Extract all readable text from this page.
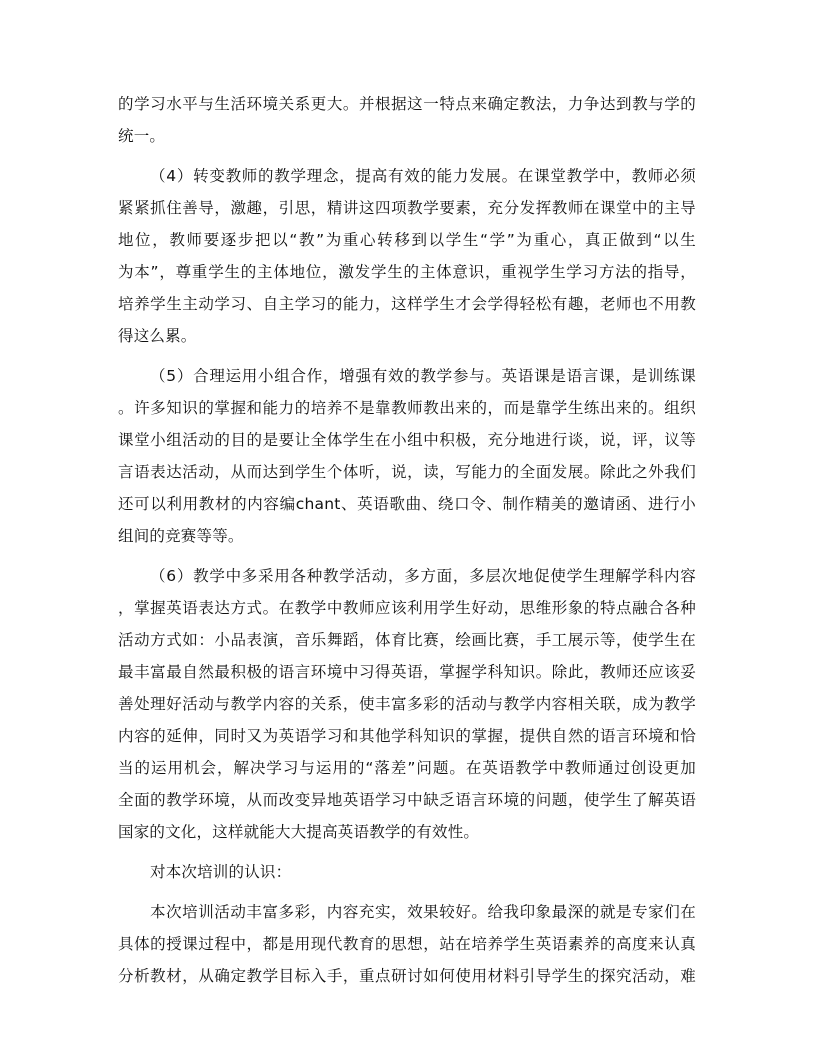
的学习水平与生活环境关系更大。并根据这一特点来确定教法，力争达到教与学的
统一。
（4）转变教师的教学理念，提高有效的能力发展。在课堂教学中，教师必须
紧紧抓住善导，激趣，引思，精讲这四项教学要素，充分发挥教师在课堂中的主导
地位，教师要逐步把以“教”为重心转移到以学生“学”为重心，真正做到“以生
为本”，尊重学生的主体地位，激发学生的主体意识，重视学生学习方法的指导，
培养学生主动学习、自主学习的能力，这样学生才会学得轻松有趣，老师也不用教
得这么累。
（5）合理运用小组合作，增强有效的教学参与。英语课是语言课，是训练课
。许多知识的掌握和能力的培养不是靠教师教出来的，而是靠学生练出来的。组织
课堂小组活动的目的是要让全体学生在小组中积极，充分地进行谈，说，评，议等
言语表达活动，从而达到学生个体听，说，读，写能力的全面发展。除此之外我们
还可以利用教材的内容编chant、英语歌曲、绕口令、制作精美的邀请函、进行小
组间的竞赛等等。
（6）教学中多采用各种教学活动，多方面，多层次地促使学生理解学科内容
，掌握英语表达方式。在教学中教师应该利用学生好动，思维形象的特点融合各种
活动方式如：小品表演，音乐舞蹈，体育比赛，绘画比赛，手工展示等，使学生在
最丰富最自然最积极的语言环境中习得英语，掌握学科知识。除此，教师还应该妥
善处理好活动与教学内容的关系，使丰富多彩的活动与教学内容相关联，成为教学
内容的延伸，同时又为英语学习和其他学科知识的掌握，提供自然的语言环境和恰
当的运用机会，解决学习与运用的“落差”问题。在英语教学中教师通过创设更加
全面的教学环境，从而改变异地英语学习中缺乏语言环境的问题，使学生了解英语
国家的文化，这样就能大大提高英语教学的有效性。
对本次培训的认识：
本次培训活动丰富多彩，内容充实，效果较好。给我印象最深的就是专家们在
具体的授课过程中，都是用现代教育的思想，站在培养学生英语素养的高度来认真
分析教材，从确定教学目标入手，重点研讨如何使用材料引导学生的探究活动，难
